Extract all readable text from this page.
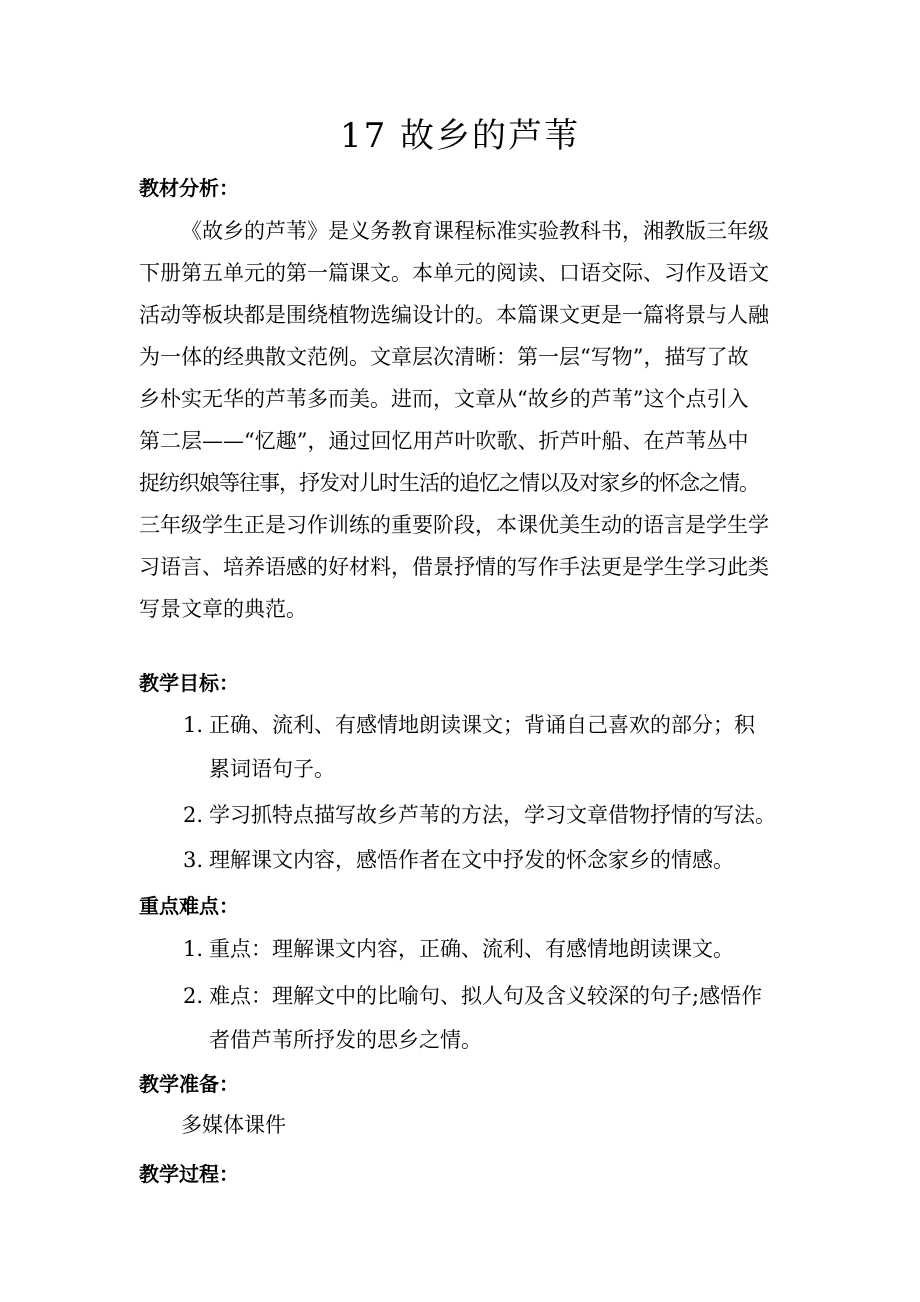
17 故乡的芦苇
教材分析：
《故乡的芦苇》是义务教育课程标准实验教科书，湘教版三年级
下册第五单元的第一篇课文。本单元的阅读、口语交际、习作及语文
活动等板块都是围绕植物选编设计的。本篇课文更是一篇将景与人融
为一体的经典散文范例。文章层次清晰：第一层“写物”，描写了故
乡朴实无华的芦苇多而美。进而，文章从“故乡的芦苇”这个点引入
第二层——“忆趣”，通过回忆用芦叶吹歌、折芦叶船、在芦苇丛中
捉纺织娘等往事，抒发对儿时生活的追忆之情以及对家乡的怀念之情。
三年级学生正是习作训练的重要阶段，本课优美生动的语言是学生学
习语言、培养语感的好材料，借景抒情的写作手法更是学生学习此类
写景文章的典范。
教学目标：
1. 正确、流利、有感情地朗读课文；背诵自己喜欢的部分；积
累词语句子。
2. 学习抓特点描写故乡芦苇的方法，学习文章借物抒情的写法。
3. 理解课文内容，感悟作者在文中抒发的怀念家乡的情感。
重点难点：
1. 重点：理解课文内容，正确、流利、有感情地朗读课文。
2. 难点：理解文中的比喻句、拟人句及含义较深的句子;感悟作
者借芦苇所抒发的思乡之情。
教学准备：
多媒体课件
教学过程：
